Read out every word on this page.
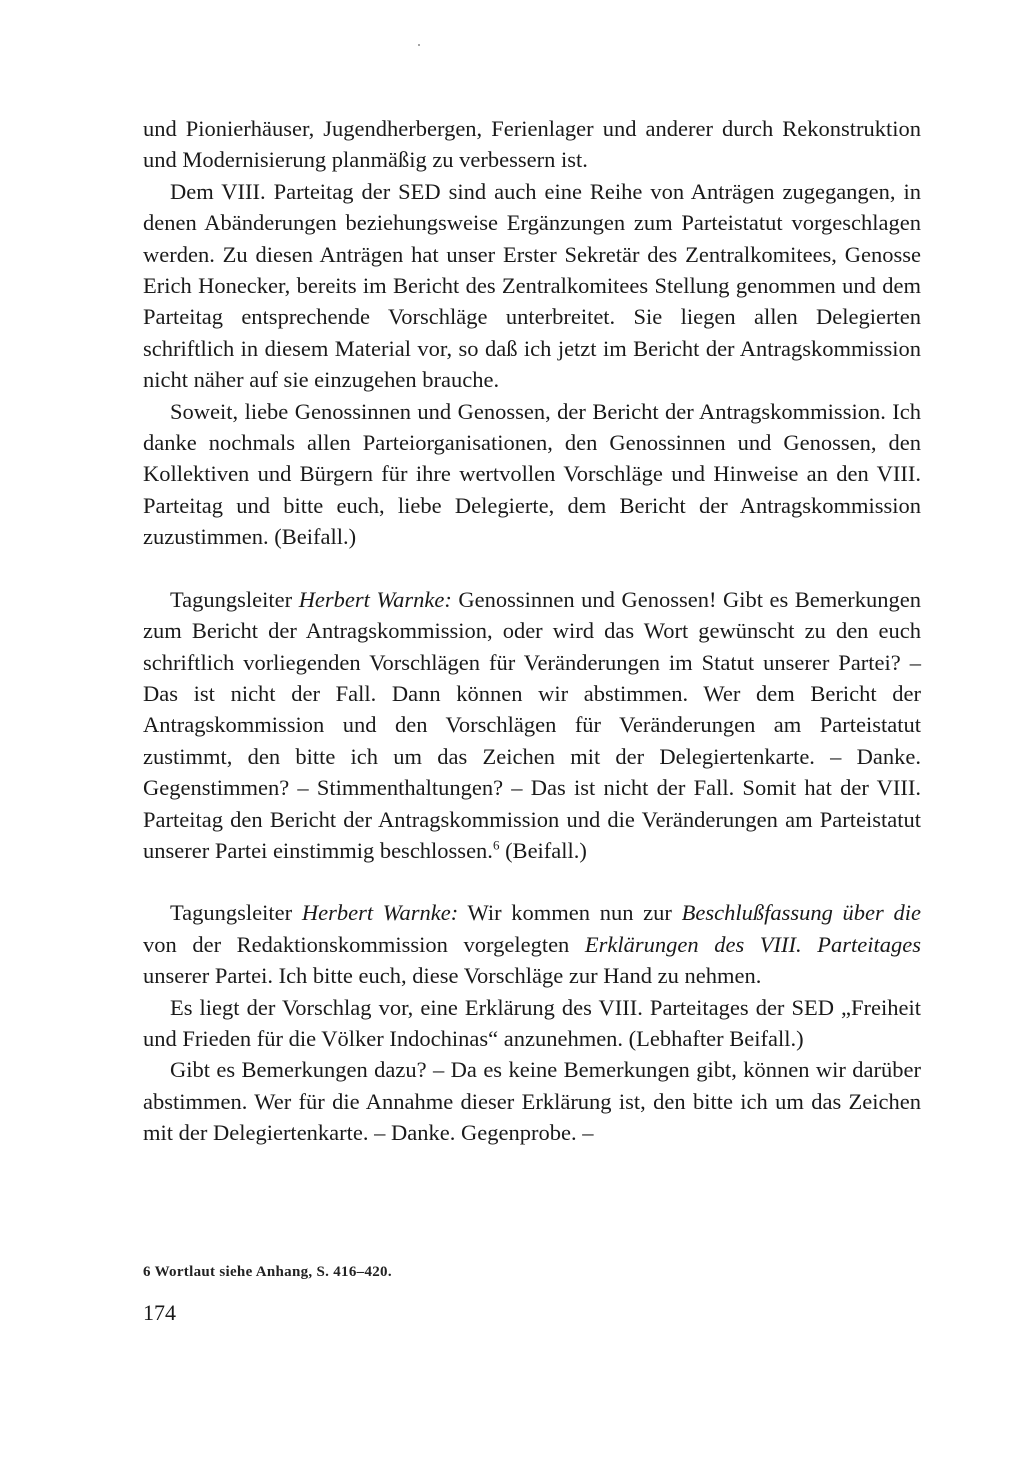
und Pionierhäuser, Jugendherbergen, Ferienlager und anderer durch Rekonstruktion und Modernisierung planmäßig zu verbessern ist.

Dem VIII. Parteitag der SED sind auch eine Reihe von Anträgen zugegangen, in denen Abänderungen beziehungsweise Ergänzungen zum Parteistatut vorgeschlagen werden. Zu diesen Anträgen hat unser Erster Sekretär des Zentralkomitees, Genosse Erich Honecker, bereits im Bericht des Zentralkomitees Stellung genommen und dem Parteitag entsprechende Vorschläge unterbreitet. Sie liegen allen Delegierten schriftlich in diesem Material vor, so daß ich jetzt im Bericht der Antragskommission nicht näher auf sie einzugehen brauche.

Soweit, liebe Genossinnen und Genossen, der Bericht der Antragskommission. Ich danke nochmals allen Parteiorganisationen, den Genossinnen und Genossen, den Kollektiven und Bürgern für ihre wertvollen Vorschläge und Hinweise an den VIII. Parteitag und bitte euch, liebe Delegierte, dem Bericht der Antragskommission zuzustimmen. (Beifall.)

Tagungsleiter Herbert Warnke: Genossinnen und Genossen! Gibt es Bemerkungen zum Bericht der Antragskommission, oder wird das Wort gewünscht zu den euch schriftlich vorliegenden Vorschlägen für Veränderungen im Statut unserer Partei? – Das ist nicht der Fall. Dann können wir abstimmen. Wer dem Bericht der Antragskommission und den Vorschlägen für Veränderungen am Parteistatut zustimmt, den bitte ich um das Zeichen mit der Delegiertenkarte. – Danke. Gegenstimmen? – Stimmenthaltungen? – Das ist nicht der Fall. Somit hat der VIII. Parteitag den Bericht der Antragskommission und die Veränderungen am Parteistatut unserer Partei einstimmig beschlossen.$^6$ (Beifall.)

Tagungsleiter Herbert Warnke: Wir kommen nun zur Beschlußfassung über die von der Redaktionskommission vorgelegten Erklärungen des VIII. Parteitages unserer Partei. Ich bitte euch, diese Vorschläge zur Hand zu nehmen.

Es liegt der Vorschlag vor, eine Erklärung des VIII. Parteitages der SED „Freiheit und Frieden für die Völker Indochinas“ anzunehmen. (Lebhafter Beifall.)

Gibt es Bemerkungen dazu? – Da es keine Bemerkungen gibt, können wir darüber abstimmen. Wer für die Annahme dieser Erklärung ist, den bitte ich um das Zeichen mit der Delegiertenkarte. – Danke. Gegenprobe. –

6 Wortlaut siehe Anhang, S. 416–420.
174
